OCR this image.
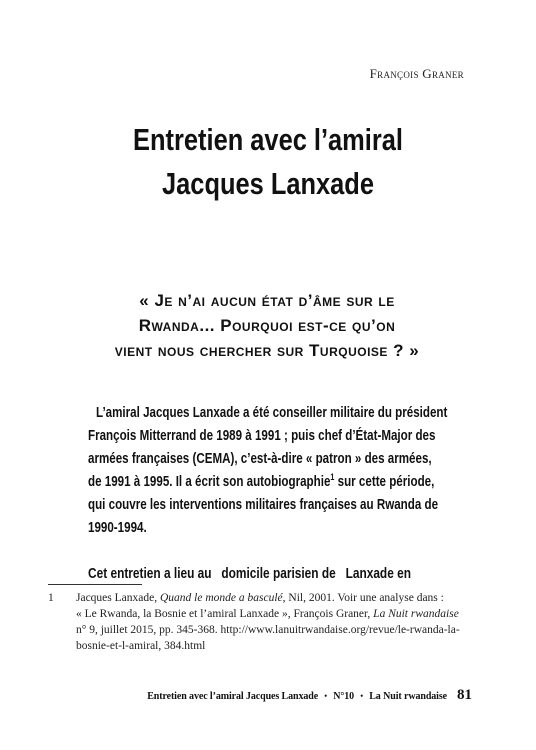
François Graner
Entretien avec l’amiral
Jacques Lanxade
« Je n’ai aucun état d’âme sur le
Rwanda... Pourquoi est-ce qu’on
vient nous chercher sur Turquoise ? »
L’amiral Jacques Lanxade a été conseiller militaire du président
François Mitterrand de 1989 à 1991 ; puis chef d’État-Major des
armées françaises (CEMA), c’est-à-dire « patron » des armées,
de 1991 à 1995. Il a écrit son autobiographie$^1$ sur cette période,
qui couvre les interventions militaires françaises au Rwanda de
1990-1994.
Cet entretien a lieu au domicile parisien de Lanxade en
1 Jacques Lanxade, Quand le monde a basculé, Nil, 2001. Voir une analyse dans :
« Le Rwanda, la Bosnie et l’amiral Lanxade », François Graner, La Nuit rwandaise
n° 9, juillet 2015, pp. 345-368. http://www.lanuitrwandaise.org/revue/le-rwanda-la-
bosnie-et-l-amiral, 384.html
Entretien avec l’amiral Jacques Lanxade • N°10 • La Nuit rwandaise 81
